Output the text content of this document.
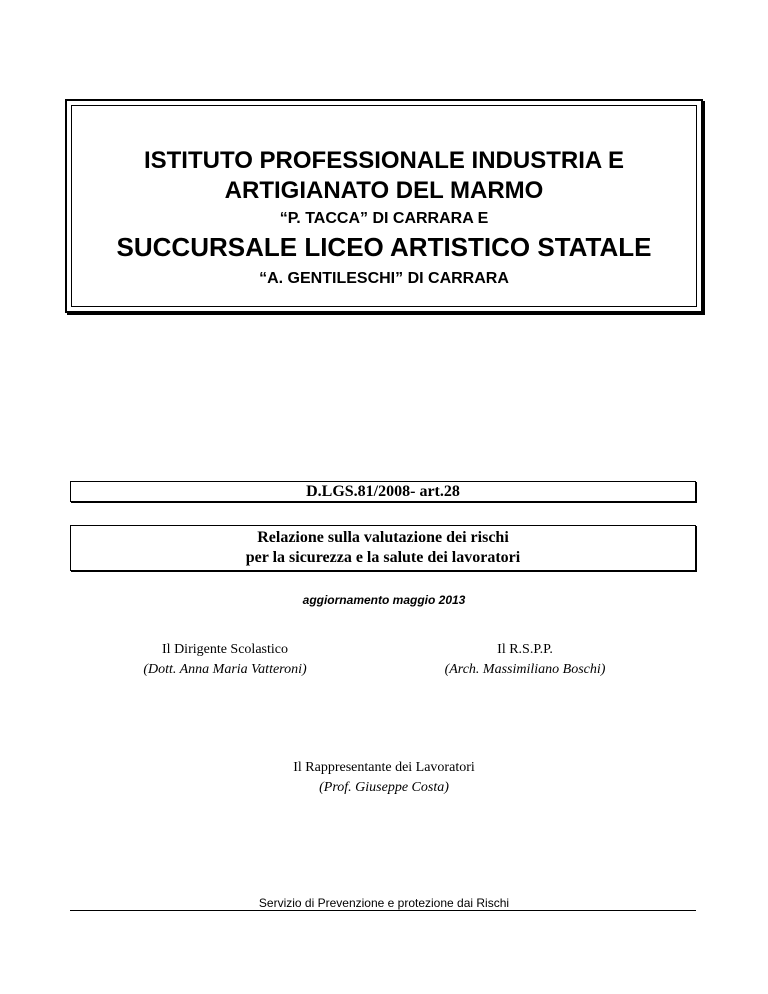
ISTITUTO PROFESSIONALE INDUSTRIA E
ARTIGIANATO DEL MARMO
“P. TACCA” DI CARRARA E
SUCCURSALE LICEO ARTISTICO STATALE
“A. GENTILESCHI” DI CARRARA
D.LGS.81/2008- art.28
Relazione sulla valutazione dei rischi
per la sicurezza e la salute dei lavoratori
aggiornamento maggio 2013
Il Dirigente Scolastico
(Dott. Anna Maria Vatteroni)
Il R.S.P.P.
(Arch. Massimiliano Boschi)
Il Rappresentante dei Lavoratori
(Prof. Giuseppe Costa)
Servizio di Prevenzione e protezione dai Rischi
